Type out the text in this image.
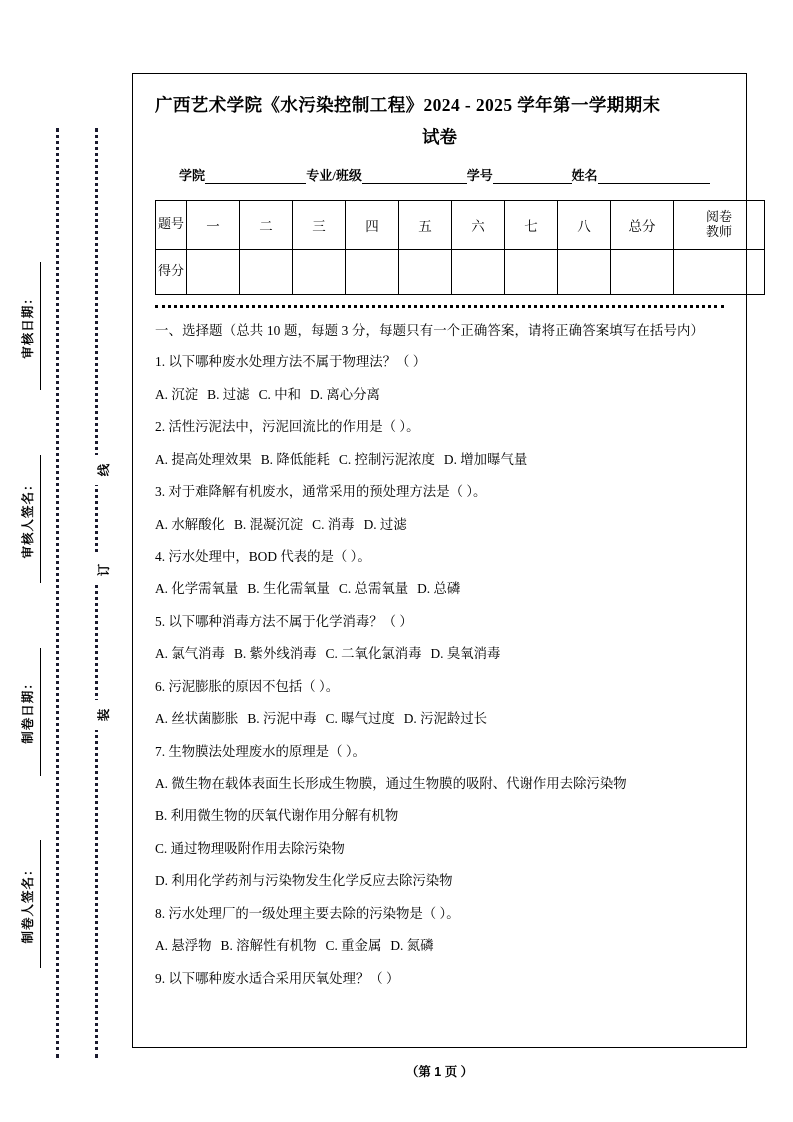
审核日期：
审核人签名：
制卷日期：
制卷人签名：
线
订
装
广西艺术学院《水污染控制工程》2024 - 2025 学年第一学期期末
试卷
学院	专业/班级	学号	姓名
题号	一	二	三	四	五	六	七	八	总分	阅卷
教师
得分										
一、选择题（总共 10 题，每题 3 分，每题只有一个正确答案，请将正确答案填写在括号内）
1. 以下哪种废水处理方法不属于物理法？（ ）
A. 沉淀 B. 过滤 C. 中和 D. 离心分离
2. 活性污泥法中，污泥回流比的作用是（ ）。
A. 提高处理效果 B. 降低能耗 C. 控制污泥浓度 D. 增加曝气量
3. 对于难降解有机废水，通常采用的预处理方法是（ ）。
A. 水解酸化 B. 混凝沉淀 C. 消毒 D. 过滤
4. 污水处理中，BOD 代表的是（ ）。
A. 化学需氧量 B. 生化需氧量 C. 总需氧量 D. 总磷
5. 以下哪种消毒方法不属于化学消毒？（ ）
A. 氯气消毒 B. 紫外线消毒 C. 二氧化氯消毒 D. 臭氧消毒
6. 污泥膨胀的原因不包括（ ）。
A. 丝状菌膨胀 B. 污泥中毒 C. 曝气过度 D. 污泥龄过长
7. 生物膜法处理废水的原理是（ ）。
A. 微生物在载体表面生长形成生物膜，通过生物膜的吸附、代谢作用去除污染物
B. 利用微生物的厌氧代谢作用分解有机物
C. 通过物理吸附作用去除污染物
D. 利用化学药剂与污染物发生化学反应去除污染物
8. 污水处理厂的一级处理主要去除的污染物是（ ）。
A. 悬浮物 B. 溶解性有机物 C. 重金属 D. 氮磷
9. 以下哪种废水适合采用厌氧处理？（ ）
（第 1 页 ）
